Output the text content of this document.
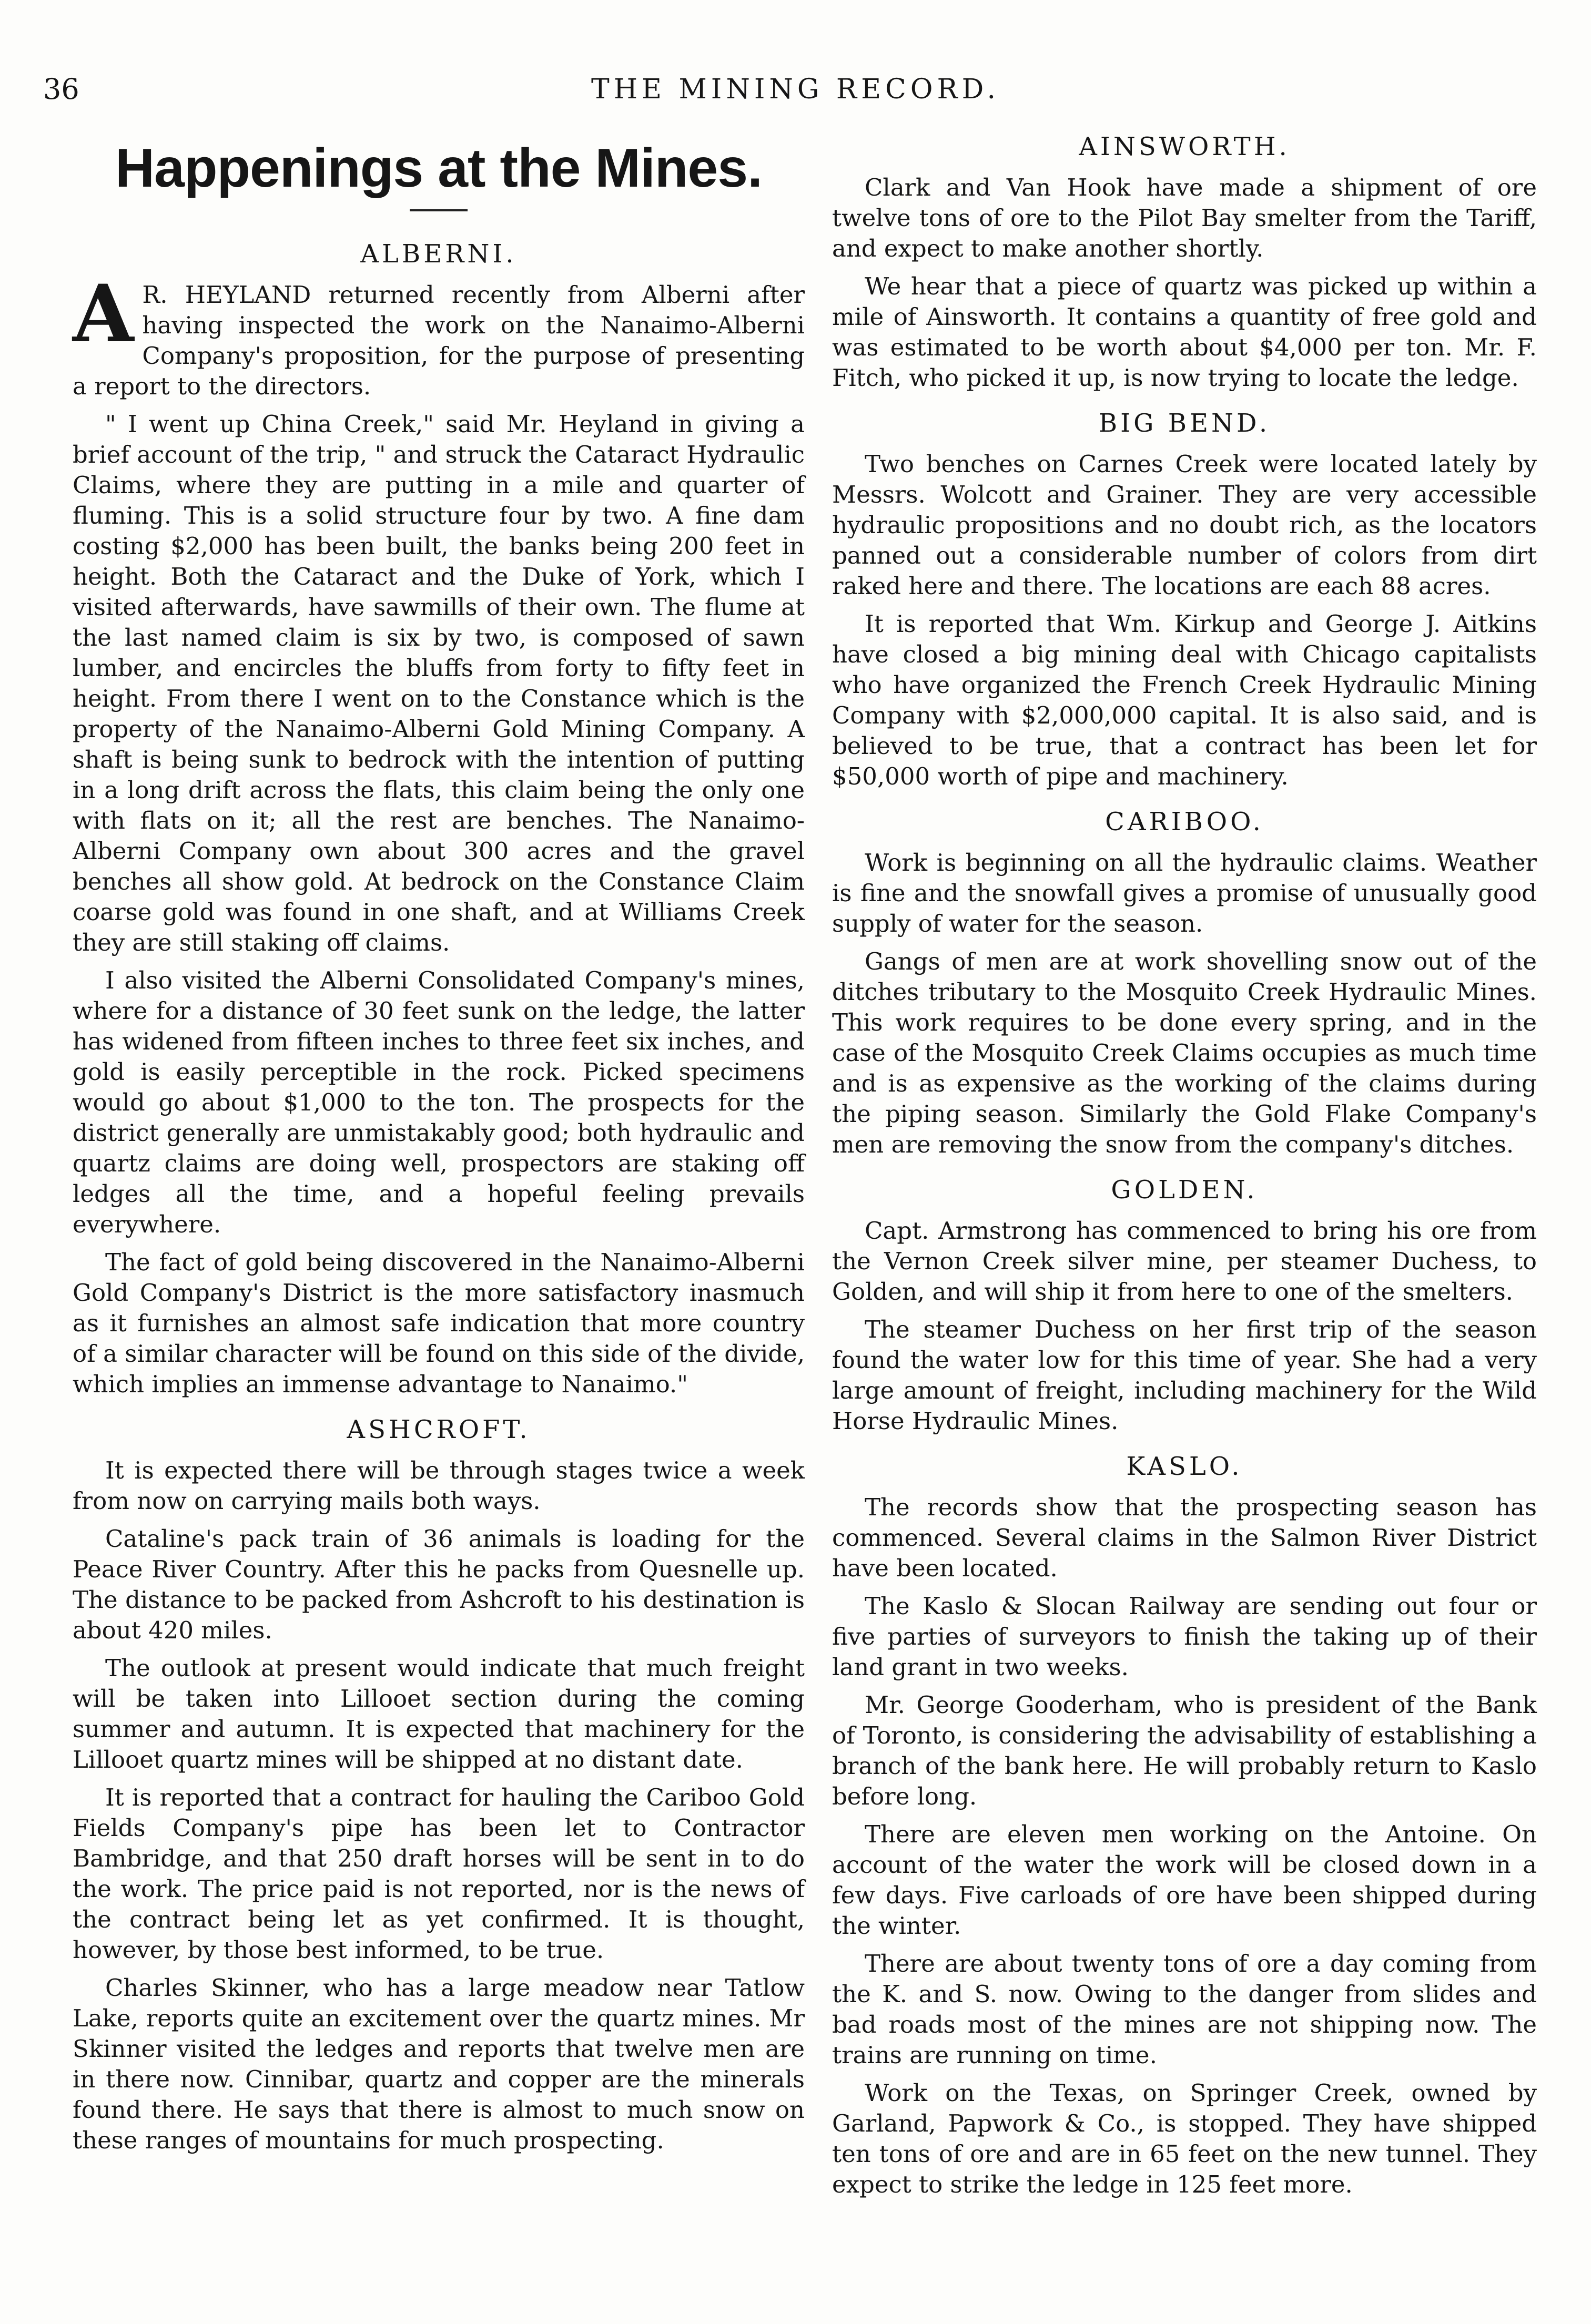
36	THE MINING RECORD.
Happenings at the Mines.
ALBERNI.

A R. HEYLAND returned recently from Alberni after having inspected the work on the Nanaimo-Alberni Company's proposition, for the purpose of presenting a report to the directors.

" I went up China Creek," said Mr. Heyland in giving a brief account of the trip, " and struck the Cataract Hydraulic Claims, where they are putting in a mile and quarter of fluming. This is a solid structure four by two. A fine dam costing $2,000 has been built, the banks being 200 feet in height. Both the Cataract and the Duke of York, which I visited afterwards, have sawmills of their own. The flume at the last named claim is six by two, is composed of sawn lumber, and encircles the bluffs from forty to fifty feet in height. From there I went on to the Constance which is the property of the Nanaimo-Alberni Gold Mining Company. A shaft is being sunk to bedrock with the intention of putting in a long drift across the flats, this claim being the only one with flats on it; all the rest are benches. The Nanaimo-Alberni Company own about 300 acres and the gravel benches all show gold. At bedrock on the Constance Claim coarse gold was found in one shaft, and at Williams Creek they are still staking off claims.

I also visited the Alberni Consolidated Company's mines, where for a distance of 30 feet sunk on the ledge, the latter has widened from fifteen inches to three feet six inches, and gold is easily perceptible in the rock. Picked specimens would go about $1,000 to the ton. The prospects for the district generally are unmistakably good; both hydraulic and quartz claims are doing well, prospectors are staking off ledges all the time, and a hopeful feeling prevails everywhere.

The fact of gold being discovered in the Nanaimo-Alberni Gold Company's District is the more satisfactory inasmuch as it furnishes an almost safe indication that more country of a similar character will be found on this side of the divide, which implies an immense advantage to Nanaimo."

ASHCROFT.

It is expected there will be through stages twice a week from now on carrying mails both ways.

Cataline's pack train of 36 animals is loading for the Peace River Country. After this he packs from Quesnelle up. The distance to be packed from Ashcroft to his destination is about 420 miles.

The outlook at present would indicate that much freight will be taken into Lillooet section during the coming summer and autumn. It is expected that machinery for the Lillooet quartz mines will be shipped at no distant date.

It is reported that a contract for hauling the Cariboo Gold Fields Company's pipe has been let to Contractor Bambridge, and that 250 draft horses will be sent in to do the work. The price paid is not reported, nor is the news of the contract being let as yet confirmed. It is thought, however, by those best informed, to be true.

Charles Skinner, who has a large meadow near Tatlow Lake, reports quite an excitement over the quartz mines. Mr Skinner visited the ledges and reports that twelve men are in there now. Cinnibar, quartz and copper are the minerals found there. He says that there is almost to much snow on these ranges of mountains for much prospecting.

AINSWORTH.

Clark and Van Hook have made a shipment of ore twelve tons of ore to the Pilot Bay smelter from the Tariff, and expect to make another shortly.

We hear that a piece of quartz was picked up within a mile of Ainsworth. It contains a quantity of free gold and was estimated to be worth about $4,000 per ton. Mr. F. Fitch, who picked it up, is now trying to locate the ledge.

BIG BEND.

Two benches on Carnes Creek were located lately by Messrs. Wolcott and Grainer. They are very accessible hydraulic propositions and no doubt rich, as the locators panned out a considerable number of colors from dirt raked here and there. The locations are each 88 acres.

It is reported that Wm. Kirkup and George J. Aitkins have closed a big mining deal with Chicago capitalists who have organized the French Creek Hydraulic Mining Company with $2,000,000 capital. It is also said, and is believed to be true, that a contract has been let for $50,000 worth of pipe and machinery.

CARIBOO.

Work is beginning on all the hydraulic claims. Weather is fine and the snowfall gives a promise of unusually good supply of water for the season.

Gangs of men are at work shovelling snow out of the ditches tributary to the Mosquito Creek Hydraulic Mines. This work requires to be done every spring, and in the case of the Mosquito Creek Claims occupies as much time and is as expensive as the working of the claims during the piping season. Similarly the Gold Flake Company's men are removing the snow from the company's ditches.

GOLDEN.

Capt. Armstrong has commenced to bring his ore from the Vernon Creek silver mine, per steamer Duchess, to Golden, and will ship it from here to one of the smelters.

The steamer Duchess on her first trip of the season found the water low for this time of year. She had a very large amount of freight, including machinery for the Wild Horse Hydraulic Mines.

KASLO.

The records show that the prospecting season has commenced. Several claims in the Salmon River District have been located.

The Kaslo & Slocan Railway are sending out four or five parties of surveyors to finish the taking up of their land grant in two weeks.

Mr. George Gooderham, who is president of the Bank of Toronto, is considering the advisability of establishing a branch of the bank here. He will probably return to Kaslo before long.

There are eleven men working on the Antoine. On account of the water the work will be closed down in a few days. Five carloads of ore have been shipped during the winter.

There are about twenty tons of ore a day coming from the K. and S. now. Owing to the danger from slides and bad roads most of the mines are not shipping now. The trains are running on time.

Work on the Texas, on Springer Creek, owned by Garland, Papwork & Co., is stopped. They have shipped ten tons of ore and are in 65 feet on the new tunnel. They expect to strike the ledge in 125 feet more.
